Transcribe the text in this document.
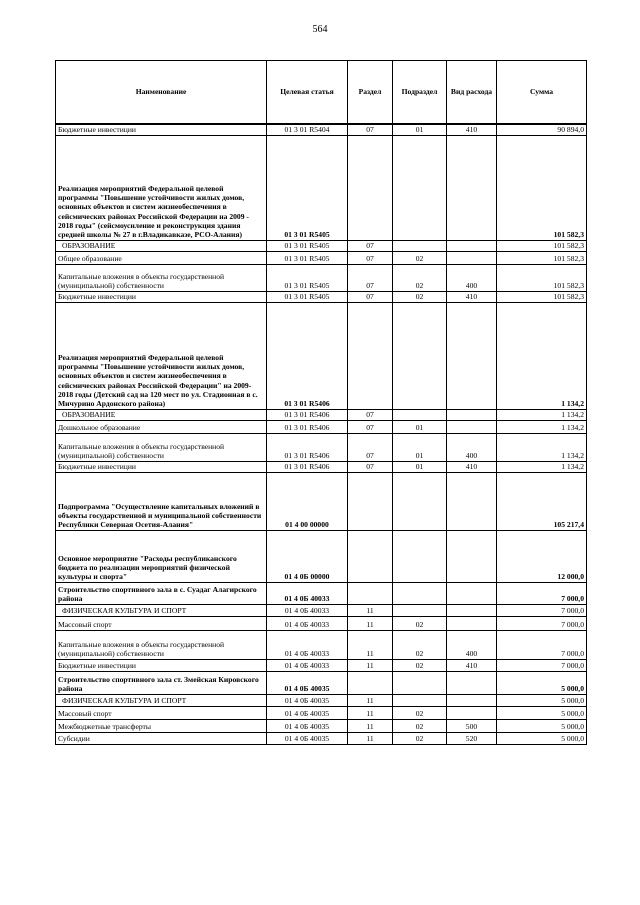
564
Наименование	Целевая статья	Раздел	Подраздел	Вид расхода	Сумма
Бюджетные инвестиции	01 3 01 R5404	07	01	410	90 894,0
Реализация мероприятий Федеральной целевой программы "Повышение устойчивости жилых домов, основных объектов и систем жизнеобеспечения в сейсмических районах Российской Федерации на 2009 - 2018 годы" (сейсмоусиление и реконструкция здания средней школы № 27 в г.Владикавказе, РСО-Алания)	01 3 01 R5405				101 582,3
ОБРАЗОВАНИЕ	01 3 01 R5405	07			101 582,3
Общее образование	01 3 01 R5405	07	02		101 582,3
Капитальные вложения в объекты государственной (муниципальной) собственности	01 3 01 R5405	07	02	400	101 582,3
Бюджетные инвестиции	01 3 01 R5405	07	02	410	101 582,3
Реализация мероприятий Федеральной целевой программы "Повышение устойчивости жилых домов, основных объектов и систем жизнеобеспечения в сейсмических районах Российской Федерации" на 2009-2018 годы (Детский сад на 120 мест по ул. Стадионная в с. Мичурино Ардонского района)	01 3 01 R5406				1 134,2
ОБРАЗОВАНИЕ	01 3 01 R5406	07			1 134,2
Дошкольное образование	01 3 01 R5406	07	01		1 134,2
Капитальные вложения в объекты государственной (муниципальной) собственности	01 3 01 R5406	07	01	400	1 134,2
Бюджетные инвестиции	01 3 01 R5406	07	01	410	1 134,2
Подпрограмма "Осуществление капитальных вложений в объекты государственной и муниципальной собственности Республики Северная Осетия-Алания"	01 4 00 00000				105 217,4
Основное мероприятие "Расходы республиканского бюджета по реализации мероприятий физической культуры и спорта"	01 4 0Б 00000				12 000,0
Строительство спортивного зала в с. Суадаг Алагирского района	01 4 0Б 40033				7 000,0
ФИЗИЧЕСКАЯ КУЛЬТУРА И СПОРТ	01 4 0Б 40033	11			7 000,0
Массовый спорт	01 4 0Б 40033	11	02		7 000,0
Капитальные вложения в объекты государственной (муниципальной) собственности	01 4 0Б 40033	11	02	400	7 000,0
Бюджетные инвестиции	01 4 0Б 40033	11	02	410	7 000,0
Строительство спортивного зала ст. Змейская Кировского района	01 4 0Б 40035				5 000,0
ФИЗИЧЕСКАЯ КУЛЬТУРА И СПОРТ	01 4 0Б 40035	11			5 000,0
Массовый спорт	01 4 0Б 40035	11	02		5 000,0
Межбюджетные трансферты	01 4 0Б 40035	11	02	500	5 000,0
Субсидии	01 4 0Б 40035	11	02	520	5 000,0
